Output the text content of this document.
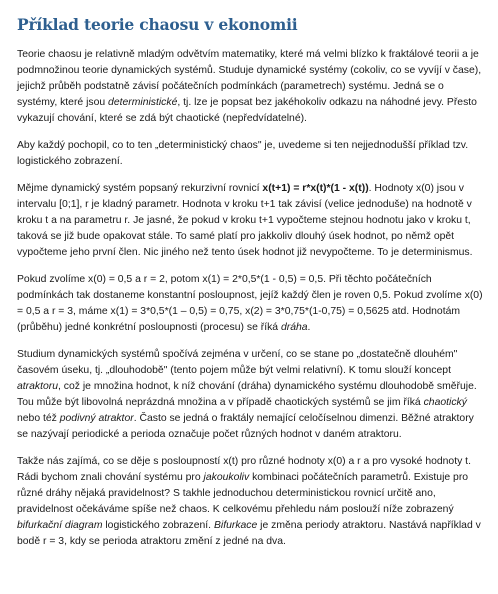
Příklad teorie chaosu v ekonomii

Teorie chaosu je relativně mladým odvětvím matematiky, které má velmi blízko k fraktálové teorii a je podmnožinou teorie dynamických systémů. Studuje dynamické systémy (cokoliv, co se vyvíjí v čase), jejichž průběh podstatně závisí počátečních podmínkách (parametrech) systému. Jedná se o systémy, které jsou deterministické, tj. lze je popsat bez jakéhokoliv odkazu na náhodné jevy. Přesto vykazují chování, které se zdá být chaotické (nepředvídatelné).

Aby každý pochopil, co to ten „deterministický chaos" je, uvedeme si ten nejjednodušší příklad tzv. logistického zobrazení.

Mějme dynamický systém popsaný rekurzivní rovnicí x(t+1) = r*x(t)*(1 - x(t)). Hodnoty x(0) jsou v intervalu [0;1], r je kladný parametr. Hodnota v kroku t+1 tak závisí (velice jednoduše) na hodnotě v kroku t a na parametru r. Je jasné, že pokud v kroku t+1 vypočteme stejnou hodnotu jako v kroku t, taková se již bude opakovat stále. To samé platí pro jakkoliv dlouhý úsek hodnot, po němž opět vypočteme jeho první člen. Nic jiného než tento úsek hodnot již nevypočteme. To je determinismus.

Pokud zvolíme x(0) = 0,5 a r = 2, potom x(1) = 2*0,5*(1 - 0,5) = 0,5. Při těchto počátečních podmínkách tak dostaneme konstantní posloupnost, jejíž každý člen je roven 0,5. Pokud zvolíme x(0) = 0,5 a r = 3, máme x(1) = 3*0,5*(1 – 0,5) = 0,75, x(2) = 3*0,75*(1-0,75) = 0,5625 atd. Hodnotám (průběhu) jedné konkrétní posloupnosti (procesu) se říká dráha.

Studium dynamických systémů spočívá zejména v určení, co se stane po „dostatečně dlouhém" časovém úseku, tj. „dlouhodobě" (tento pojem může být velmi relativní). K tomu slouží koncept atraktoru, což je množina hodnot, k níž chování (dráha) dynamického systému dlouhodobě směřuje. Tou může být libovolná neprázdná množina a v případě chaotických systémů se jim říká chaotický nebo též podivný atraktor. Často se jedná o fraktály nemající celočíselnou dimenzi. Běžné atraktory se nazývají periodické a perioda označuje počet různých hodnot v daném atraktoru.

Takže nás zajímá, co se děje s posloupností x(t) pro různé hodnoty x(0) a r a pro vysoké hodnoty t. Rádi bychom znali chování systému pro jakoukoliv kombinaci počátečních parametrů. Existuje pro různé dráhy nějaká pravidelnost? S takhle jednoduchou deterministickou rovnicí určitě ano, pravidelnost očekáváme spíše než chaos. K celkovému přehledu nám poslouží níže zobrazený bifurkační diagram logistického zobrazení. Bifurkace je změna periody atraktoru. Nastává například v bodě r = 3, kdy se perioda atraktoru změní z jedné na dva.
